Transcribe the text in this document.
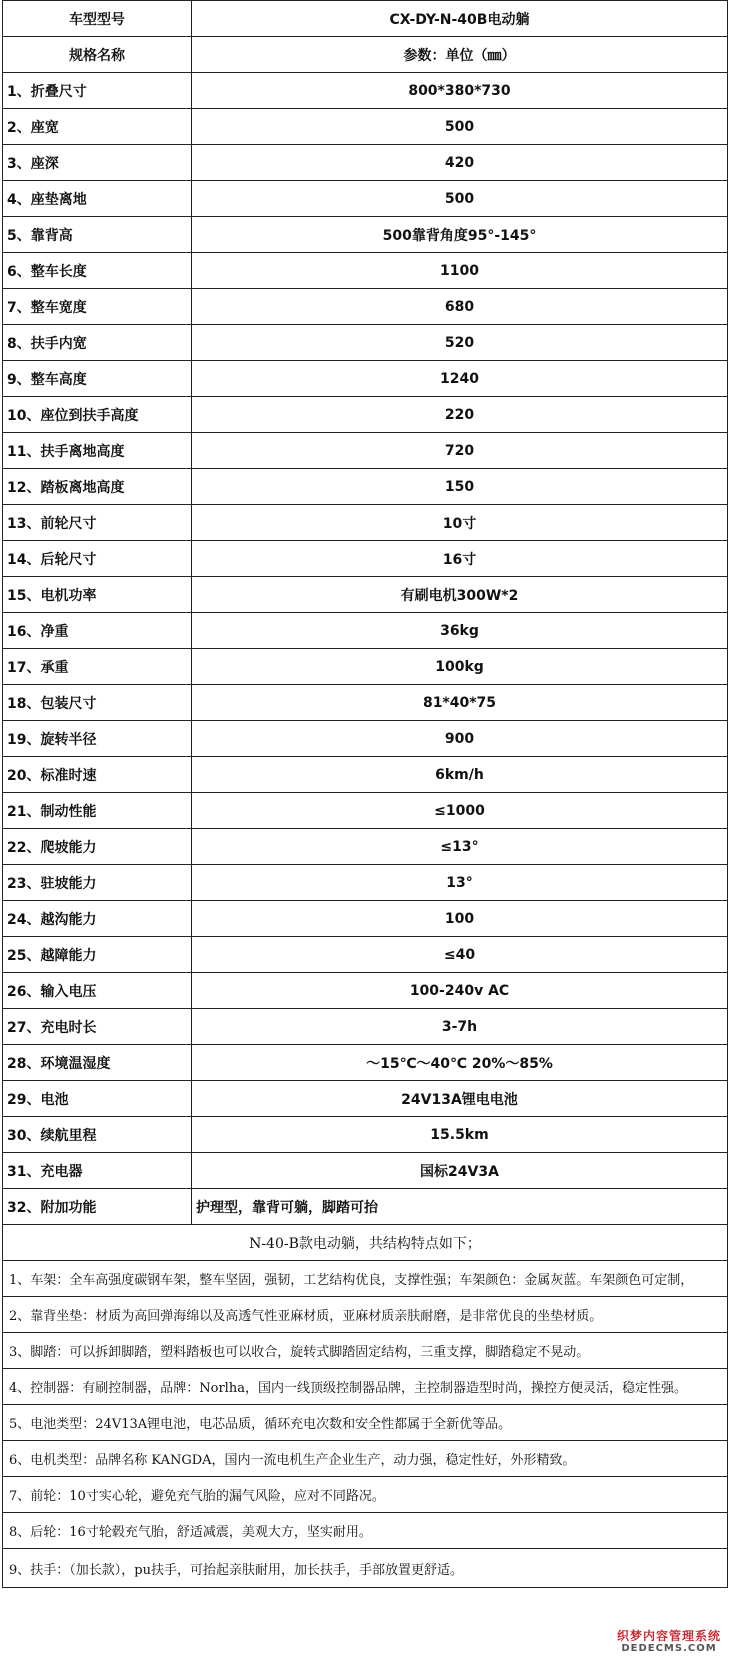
车型型号	CX-DY-N-40B电动躺
规格名称	参数：单位（㎜）
1、折叠尺寸	800*380*730
2、座宽	500
3、座深	420
4、座垫离地	500
5、靠背高	500靠背角度95°-145°
6、整车长度	1100
7、整车宽度	680
8、扶手内宽	520
9、整车高度	1240
10、座位到扶手高度	220
11、扶手离地高度	720
12、踏板离地高度	150
13、前轮尺寸	10寸
14、后轮尺寸	16寸
15、电机功率	有刷电机300W*2
16、净重	36kg
17、承重	100kg
18、包装尺寸	81*40*75
19、旋转半径	900
20、标准时速	6km/h
21、制动性能	≤1000
22、爬坡能力	≤13°
23、驻坡能力	13°
24、越沟能力	100
25、越障能力	≤40
26、输入电压	100-240v AC
27、充电时长	3-7h
28、环境温湿度	～15℃～40℃ 20%～85%
29、电池	24V13A锂电电池
30、续航里程	15.5km
31、充电器	国标24V3A
32、附加功能	护理型，靠背可躺，脚踏可抬
N-40-B款电动躺，共结构特点如下；	
1、车架：全车高强度碳钢车架，整车坚固，强韧，工艺结构优良，支撑性强；车架颜色：金属灰蓝。车架颜色可定制，	
2、靠背坐垫：材质为高回弹海绵以及高透气性亚麻材质，亚麻材质亲肤耐磨，是非常优良的坐垫材质。	
3、脚踏：可以拆卸脚踏，塑料踏板也可以收合，旋转式脚踏固定结构，三重支撑，脚踏稳定不晃动。	
4、控制器：有刷控制器，品牌：Norlha，国内一线顶级控制器品牌，主控制器造型时尚，操控方便灵活，稳定性强。	
5、电池类型：24V13A锂电池，电芯品质，循环充电次数和安全性都属于全新优等品。	
6、电机类型：品牌名称 KANGDA，国内一流电机生产企业生产，动力强，稳定性好，外形精致。	
7、前轮：10寸实心轮，避免充气胎的漏气风险，应对不同路况。	
8、后轮：16寸轮毂充气胎，舒适减震，美观大方，坚实耐用。	
9、扶手：（加长款），pu扶手，可抬起亲肤耐用，加长扶手，手部放置更舒适。	
织梦内容管理系统
DEDECMS.COM
